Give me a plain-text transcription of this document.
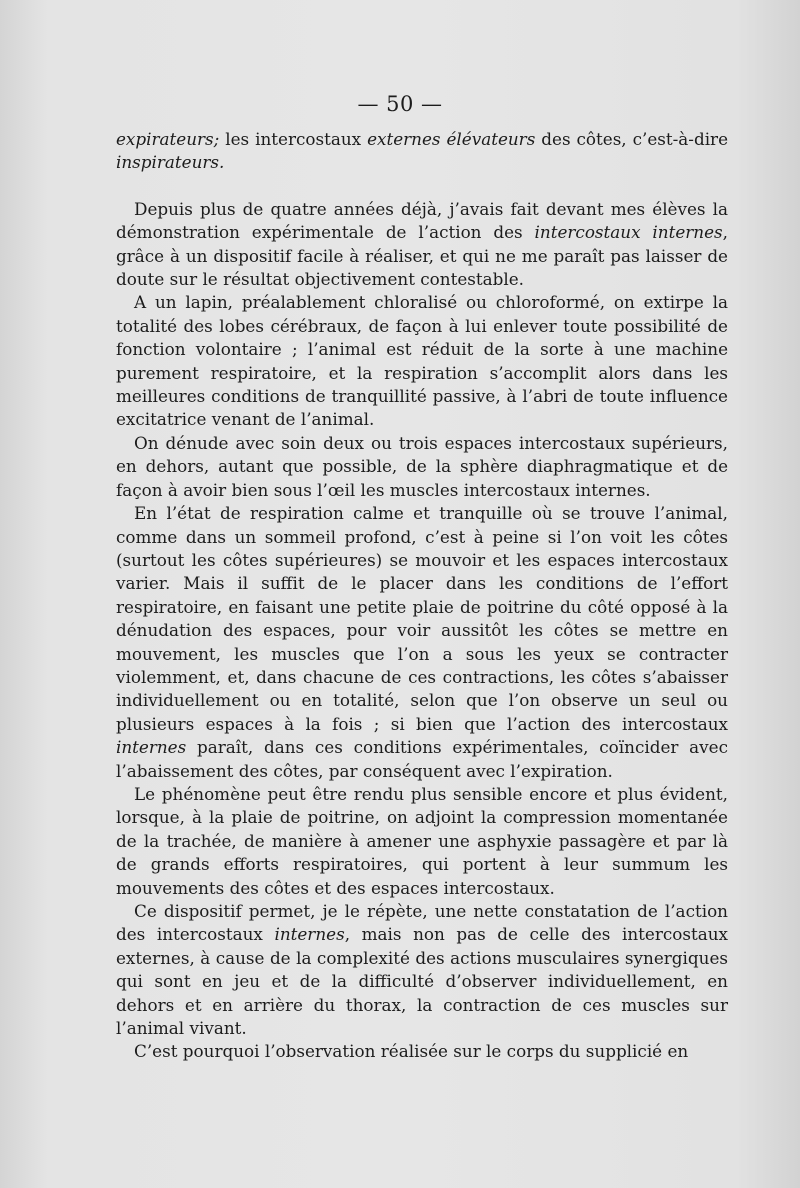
— 50 —

expirateurs; les intercostaux externes élévateurs des côtes, c’est-à-dire inspirateurs.

Depuis plus de quatre années déjà, j’avais fait devant mes élèves la démonstration expérimentale de l’action des intercostaux internes, grâce à un dispositif facile à réaliser, et qui ne me paraît pas laisser de doute sur le résultat objectivement contestable.

A un lapin, préalablement chloralisé ou chloroformé, on extirpe la totalité des lobes cérébraux, de façon à lui enlever toute possibilité de fonction volontaire ; l’animal est réduit de la sorte à une machine purement respiratoire, et la respiration s’accomplit alors dans les meilleures conditions de tranquillité passive, à l’abri de toute influence excitatrice venant de l’animal.

On dénude avec soin deux ou trois espaces intercostaux supérieurs, en dehors, autant que possible, de la sphère diaphragmatique et de façon à avoir bien sous l’œil les muscles intercostaux internes.

En l’état de respiration calme et tranquille où se trouve l’animal, comme dans un sommeil profond, c’est à peine si l’on voit les côtes (surtout les côtes supérieures) se mouvoir et les espaces intercostaux varier. Mais il suffit de le placer dans les conditions de l’effort respiratoire, en faisant une petite plaie de poitrine du côté opposé à la dénudation des espaces, pour voir aussitôt les côtes se mettre en mouvement, les muscles que l’on a sous les yeux se contracter violemment, et, dans chacune de ces contractions, les côtes s’abaisser individuellement ou en totalité, selon que l’on observe un seul ou plusieurs espaces à la fois ; si bien que l’action des intercostaux internes paraît, dans ces conditions expérimentales, coïncider avec l’abaissement des côtes, par conséquent avec l’expiration.

Le phénomène peut être rendu plus sensible encore et plus évident, lorsque, à la plaie de poitrine, on adjoint la compression momentanée de la trachée, de manière à amener une asphyxie passagère et par là de grands efforts respiratoires, qui portent à leur summum les mouvements des côtes et des espaces intercostaux.

Ce dispositif permet, je le répète, une nette constatation de l’action des intercostaux internes, mais non pas de celle des intercostaux externes, à cause de la complexité des actions musculaires synergiques qui sont en jeu et de la difficulté d’observer individuellement, en dehors et en arrière du thorax, la contraction de ces muscles sur l’animal vivant.

C’est pourquoi l’observation réalisée sur le corps du supplicié en
